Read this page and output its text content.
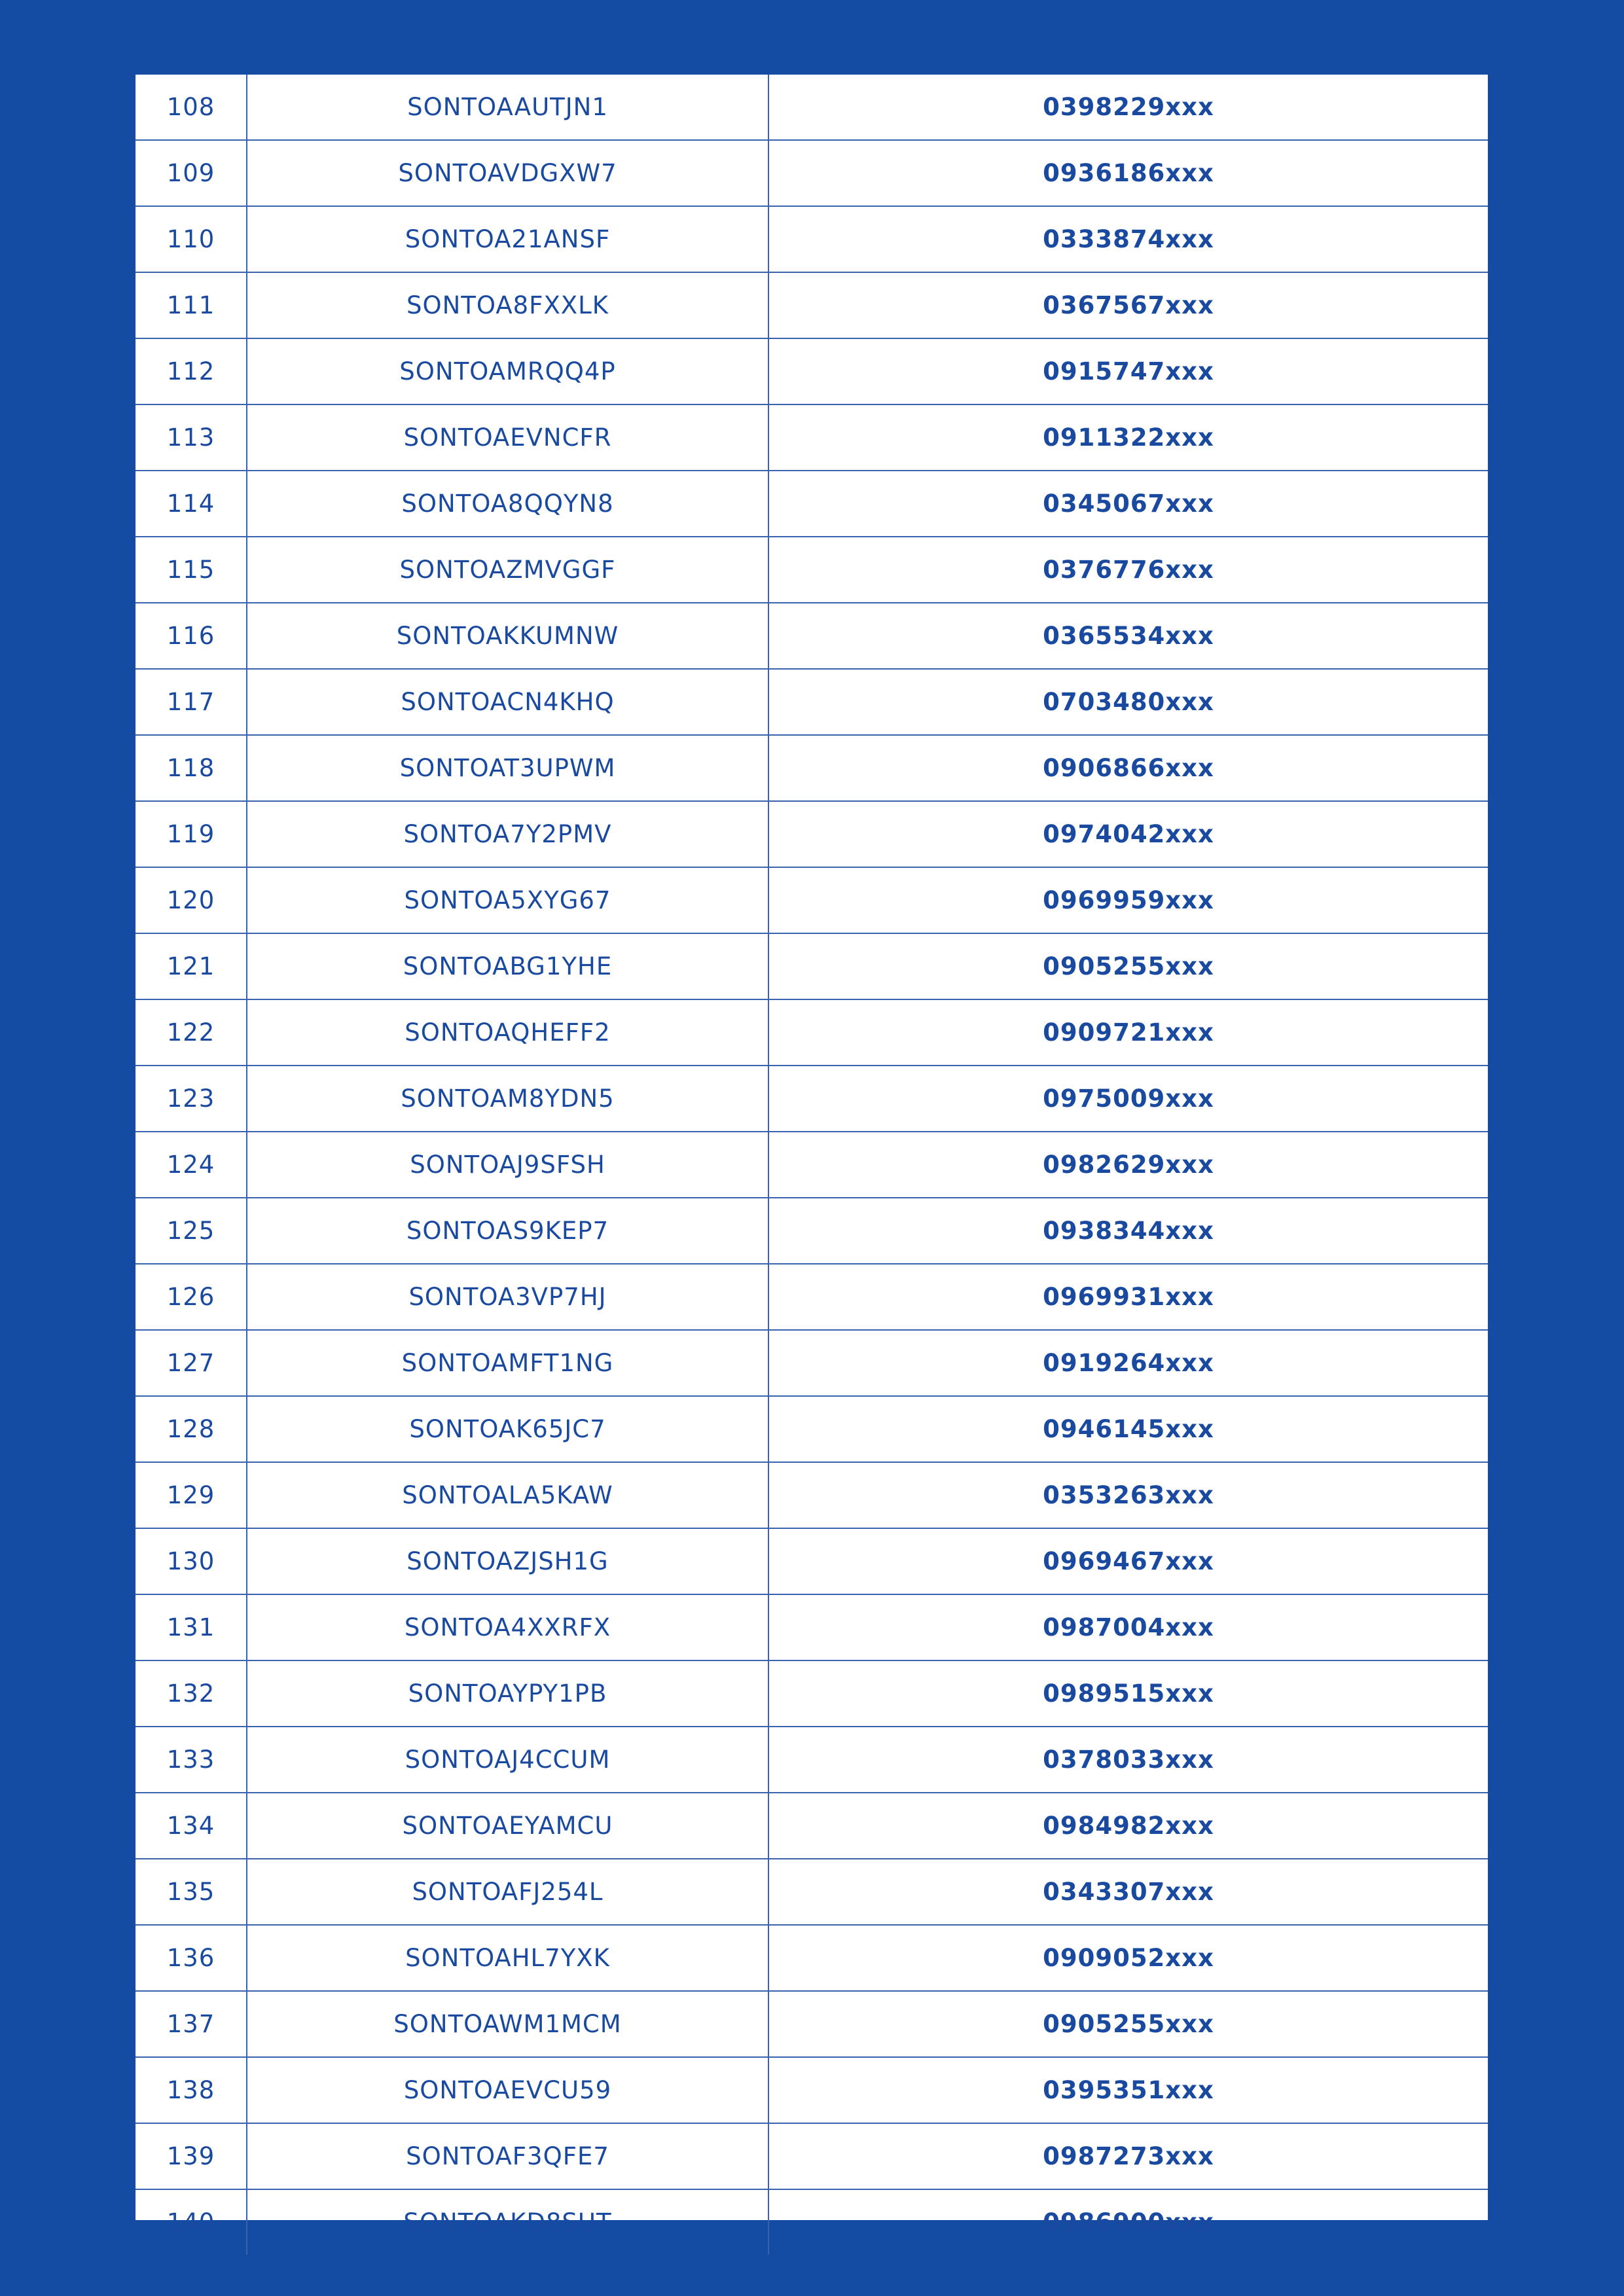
108	SONTOAAUTJN1	0398229xxx
109	SONTOAVDGXW7	0936186xxx
110	SONTOA21ANSF	0333874xxx
111	SONTOA8FXXLK	0367567xxx
112	SONTOAMRQQ4P	0915747xxx
113	SONTOAEVNCFR	0911322xxx
114	SONTOA8QQYN8	0345067xxx
115	SONTOAZMVGGF	0376776xxx
116	SONTOAKKUMNW	0365534xxx
117	SONTOACN4KHQ	0703480xxx
118	SONTOAT3UPWM	0906866xxx
119	SONTOA7Y2PMV	0974042xxx
120	SONTOA5XYG67	0969959xxx
121	SONTOABG1YHE	0905255xxx
122	SONTOAQHEFF2	0909721xxx
123	SONTOAM8YDN5	0975009xxx
124	SONTOAJ9SFSH	0982629xxx
125	SONTOAS9KEP7	0938344xxx
126	SONTOA3VP7HJ	0969931xxx
127	SONTOAMFT1NG	0919264xxx
128	SONTOAK65JC7	0946145xxx
129	SONTOALA5KAW	0353263xxx
130	SONTOAZJSH1G	0969467xxx
131	SONTOA4XXRFX	0987004xxx
132	SONTOAYPY1PB	0989515xxx
133	SONTOAJ4CCUM	0378033xxx
134	SONTOAEYAMCU	0984982xxx
135	SONTOAFJ254L	0343307xxx
136	SONTOAHL7YXK	0909052xxx
137	SONTOAWM1MCM	0905255xxx
138	SONTOAEVCU59	0395351xxx
139	SONTOAF3QFE7	0987273xxx
140	SONTOAKD8SUT	0986900xxx
